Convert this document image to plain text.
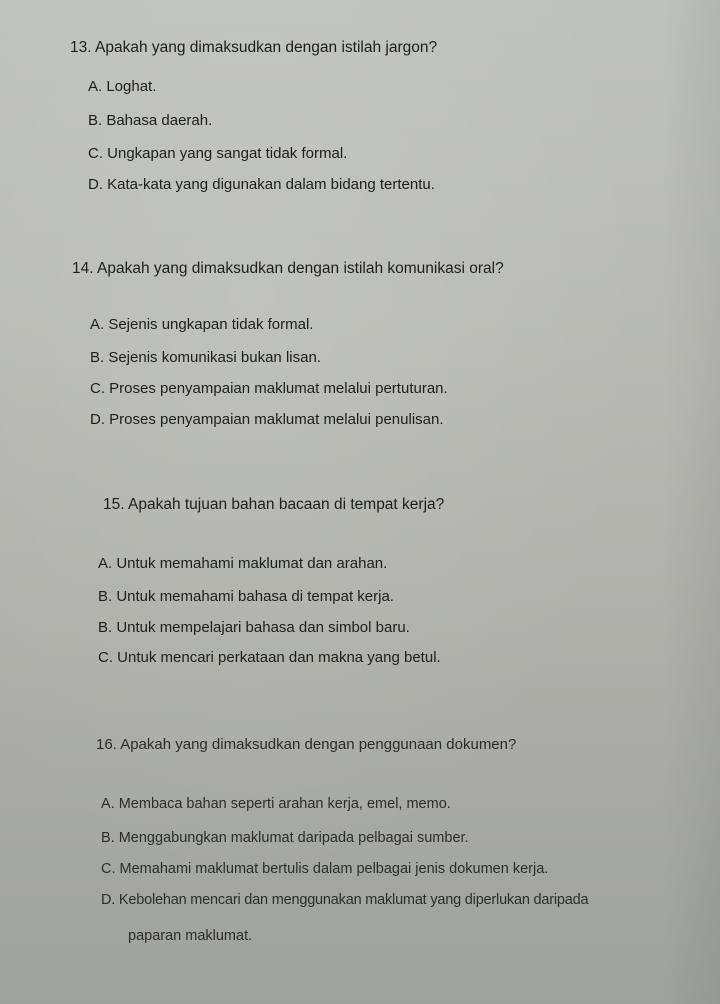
13. Apakah yang dimaksudkan dengan istilah jargon?
A. Loghat.
B. Bahasa daerah.
C. Ungkapan yang sangat tidak formal.
D. Kata-kata yang digunakan dalam bidang tertentu.
14. Apakah yang dimaksudkan dengan istilah komunikasi oral?
A. Sejenis ungkapan tidak formal.
B. Sejenis komunikasi bukan lisan.
C. Proses penyampaian maklumat melalui pertuturan.
D. Proses penyampaian maklumat melalui penulisan.
15. Apakah tujuan bahan bacaan di tempat kerja?
A. Untuk memahami maklumat dan arahan.
B. Untuk memahami bahasa di tempat kerja.
B. Untuk mempelajari bahasa dan simbol baru.
C. Untuk mencari perkataan dan makna yang betul.
16. Apakah yang dimaksudkan dengan penggunaan dokumen?
A. Membaca bahan seperti arahan kerja, emel, memo.
B. Menggabungkan maklumat daripada pelbagai sumber.
C. Memahami maklumat bertulis dalam pelbagai jenis dokumen kerja.
D. Kebolehan mencari dan menggunakan maklumat yang diperlukan daripada
paparan maklumat.
